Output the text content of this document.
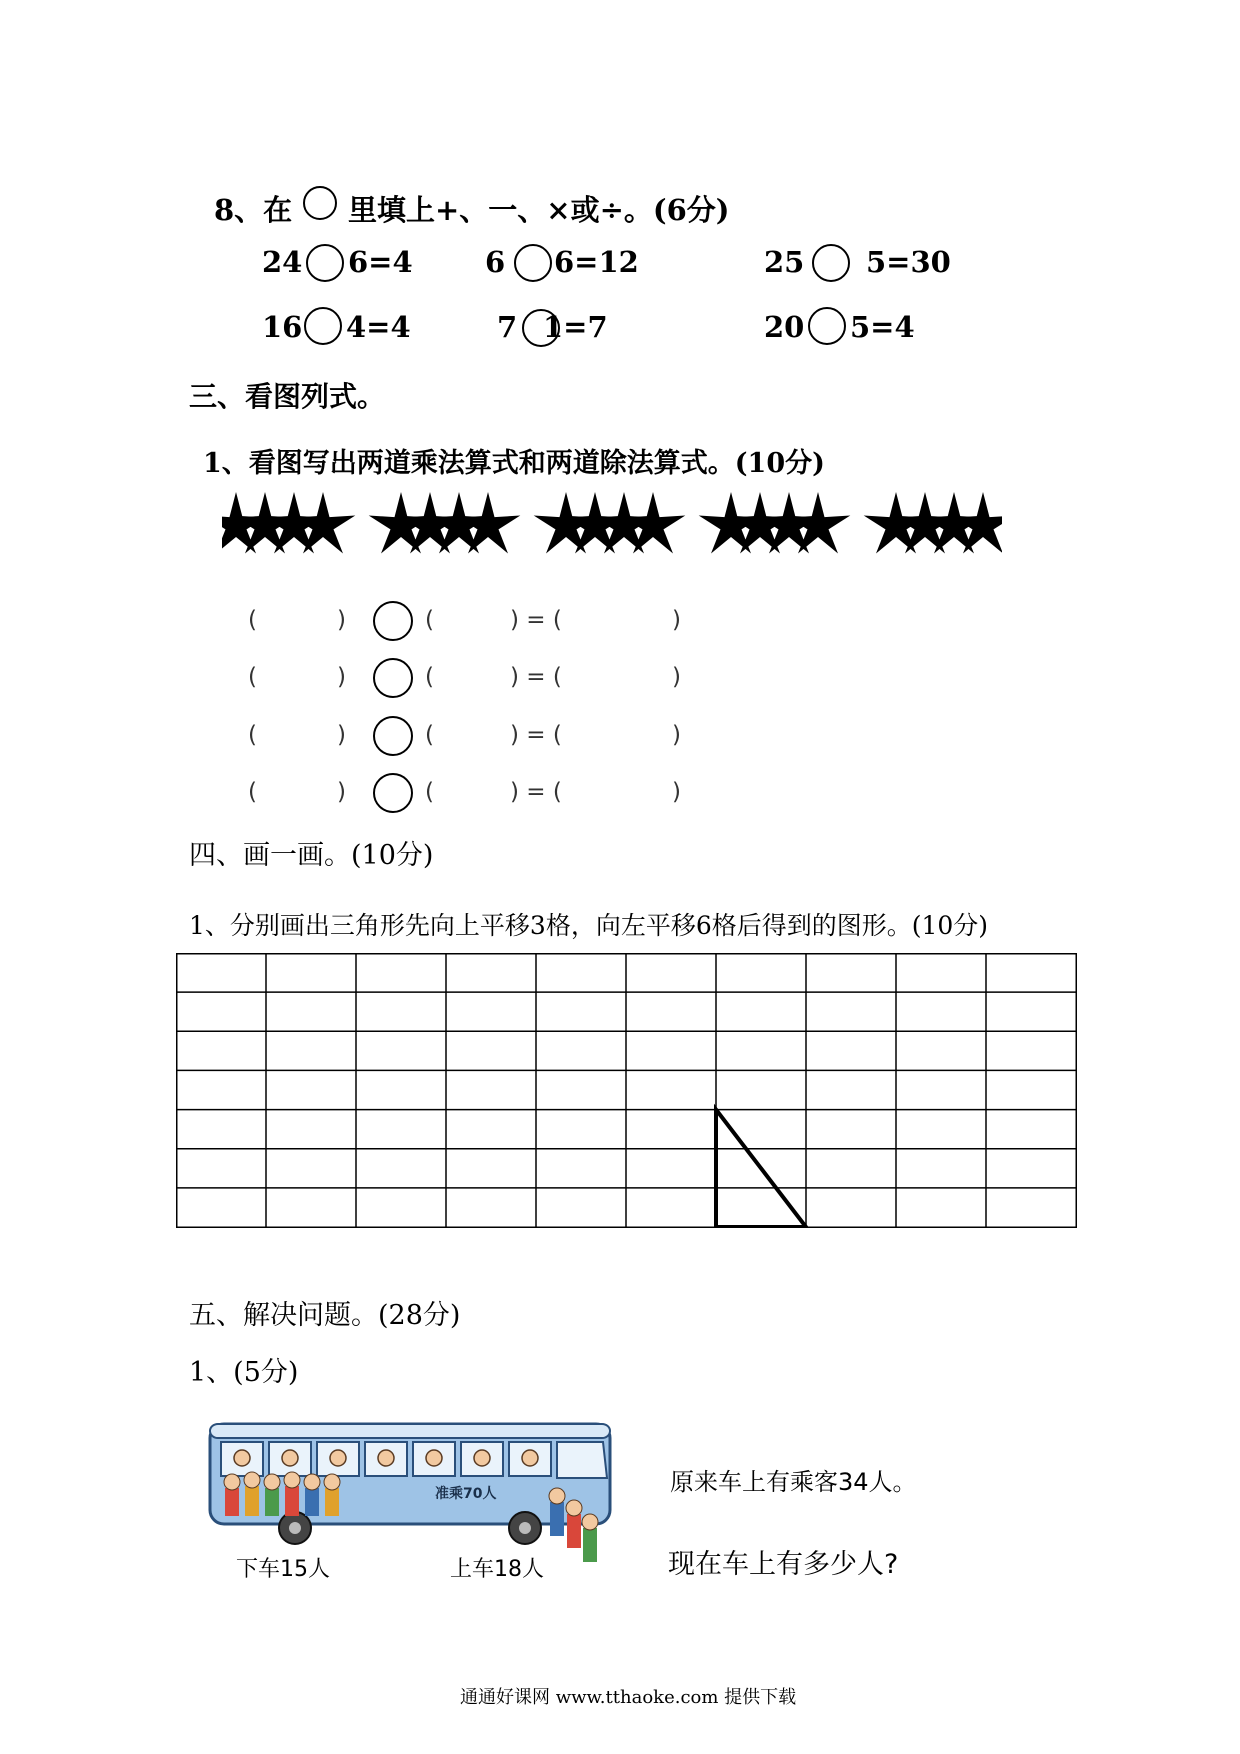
8、在 里填上+、一、×或÷。(6分)
24 6=4 6 6=12	25 5=30
16 4=4	7 1=7	20 5=4
三、看图列式。
1、看图写出两道乘法算式和两道除法算式。(10分)
(	)	(	) = (	)
(	)	(	) = (	)
(	)	(	) = (	)
(	)	(	) = (	)
四、画一画。(10分)
1、分别画出三角形先向上平移3格，向左平移6格后得到的图形。(10分)
五、解决问题。(28分)
1、(5分)
准乘70人
下车15人	上车18人
原来车上有乘客34人。
现在车上有多少人?
通通好课网 www.tthaoke.com 提供下载
